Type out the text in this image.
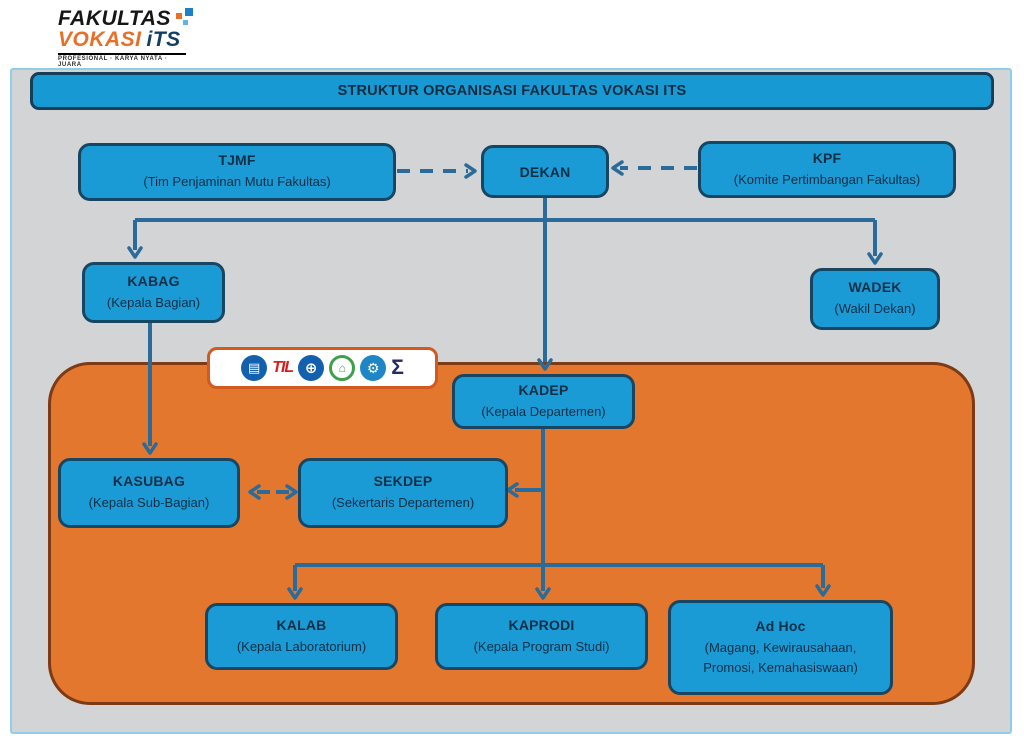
FAKULTAS
VOKASI iTS
PROFESIONAL · KARYA NYATA · JUARA
STRUKTUR ORGANISASI FAKULTAS VOKASI ITS
▤ TIL ⊕	⌂	⚙ Σ
TJMF
(Tim Penjaminan Mutu Fakultas)
DEKAN
KPF
(Komite Pertimbangan Fakultas)
KABAG
(Kepala Bagian)
WADEK
(Wakil Dekan)
KADEP
(Kepala Departemen)
KASUBAG
(Kepala Sub-Bagian)
SEKDEP
(Sekertaris Departemen)
KALAB
(Kepala Laboratorium)
KAPRODI
(Kepala Program Studi)
Ad Hoc
(Magang, Kewirausahaan, Promosi, Kemahasiswaan)
